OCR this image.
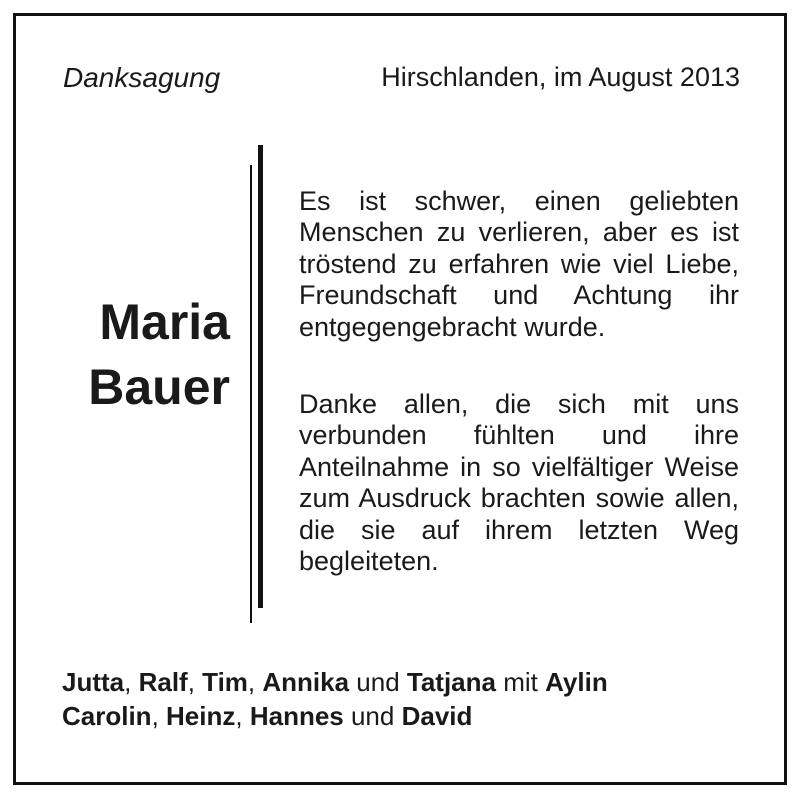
Danksagung	Hirschlanden, im August 2013
Maria
Bauer
Es ist schwer, einen geliebten Menschen zu verlieren, aber es ist tröstend zu erfahren wie viel Liebe, Freundschaft und Achtung ihr entgegengebracht wurde.
Danke allen, die sich mit uns verbunden fühlten und ihre Anteilnahme in so vielfältiger Weise zum Ausdruck brachten sowie allen, die sie auf ihrem letzten Weg begleiteten.
Jutta, Ralf, Tim, Annika und Tatjana mit Aylin
Carolin, Heinz, Hannes und David
